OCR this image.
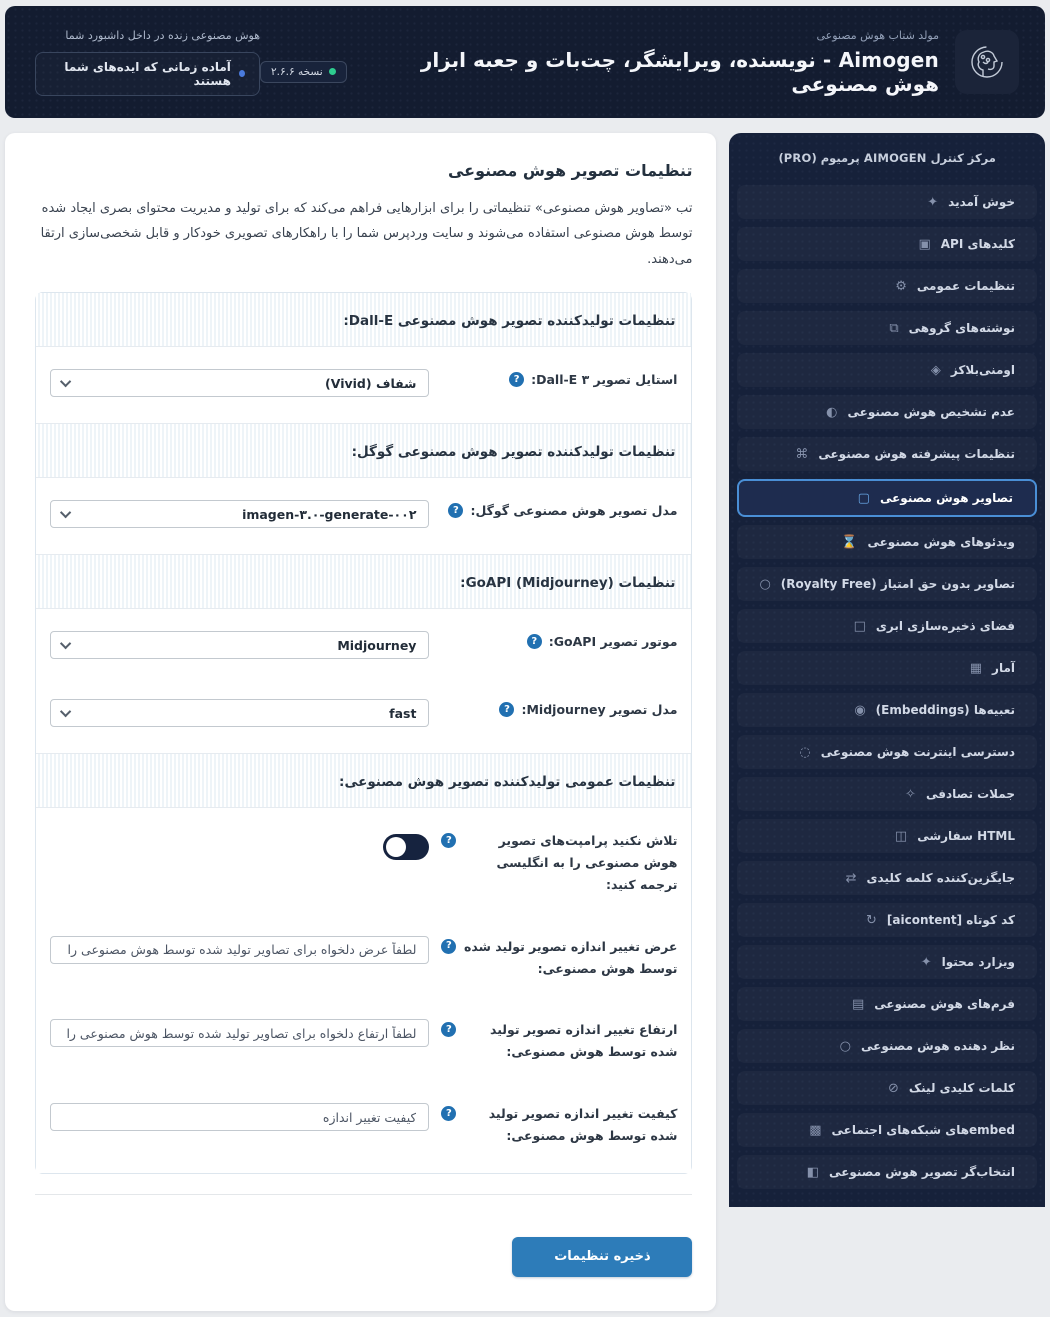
مولد شتاب هوش مصنوعی
Aimogen - نویسنده، ویرایشگر، چت‌بات و جعبه ابزار هوش مصنوعی
نسخه ۲.۶.۶
هوش مصنوعی زنده در داخل داشبورد شما
آماده زمانی که ایده‌های شما هستند
مرکز کنترل AIMOGEN پرمیوم (PRO)
خوش آمدید
✦
کلیدهای API
▣
تنظیمات عمومی
⚙
نوشته‌های گروهی
⧉
اومنی‌بلاکز
◈
عدم تشخیص هوش مصنوعی
◐
تنظیمات پیشرفته هوش مصنوعی
⌘
تصاویر هوش مصنوعی
▢
ویدئوهای هوش مصنوعی
⌛
تصاویر بدون حق امتیاز (Royalty Free)
○
فضای ذخیره‌سازی ابری
□
آمار
▦
تعبیه‌ها (Embeddings)
◉
دسترسی اینترنت هوش مصنوعی
◌
جملات تصادفی
✧
HTML سفارشی
◫
جایگزین‌کننده کلمه کلیدی
⇄
کد کوتاه [aicontent]
↻
ویزارد محتوا
✦
فرم‌های هوش مصنوعی
▤
نظر دهنده هوش مصنوعی
○
کلمات کلیدی لینک
⊘
embedهای شبکه‌های اجتماعی
▩
انتخاب‌گر تصویر هوش مصنوعی
◧
تنظیمات تصویر هوش مصنوعی

تب «تصاویر هوش مصنوعی» تنظیماتی را برای ابزارهایی فراهم می‌کند که برای تولید و مدیریت محتوای بصری ایجاد شده توسط هوش مصنوعی استفاده می‌شوند و سایت وردپرس شما را با راهکارهای تصویری خودکار و قابل شخصی‌سازی ارتقا می‌دهند.

تنظیمات تولیدکننده تصویر هوش مصنوعی Dall-E:
استایل تصویر ۳ Dall-E:
?
شفاف (Vivid)
تنظیمات تولیدکننده تصویر هوش مصنوعی گوگل:
مدل تصویر هوش مصنوعی گوگل:
?
imagen-۳.۰-generate-۰۰۲
تنظیمات GoAPI (Midjourney):
موتور تصویر GoAPI:
?
Midjourney
مدل تصویر Midjourney:
?
fast
تنظیمات عمومی تولیدکننده تصویر هوش مصنوعی:
تلاش نکنید پرامپت‌های تصویر هوش مصنوعی را به انگلیسی ترجمه کنید:
?
عرض تغییر اندازه تصویر تولید شده توسط هوش مصنوعی:
?
لطفاً عرض دلخواه برای تصاویر تولید شده توسط هوش مصنوعی را وارد کنید
ارتفاع تغییر اندازه تصویر تولید شده توسط هوش مصنوعی:
?
لطفاً ارتفاع دلخواه برای تصاویر تولید شده توسط هوش مصنوعی را وارد کنید
کیفیت تغییر اندازه تصویر تولید شده توسط هوش مصنوعی:
?
کیفیت تغییر اندازه
ذخیره تنظیمات
